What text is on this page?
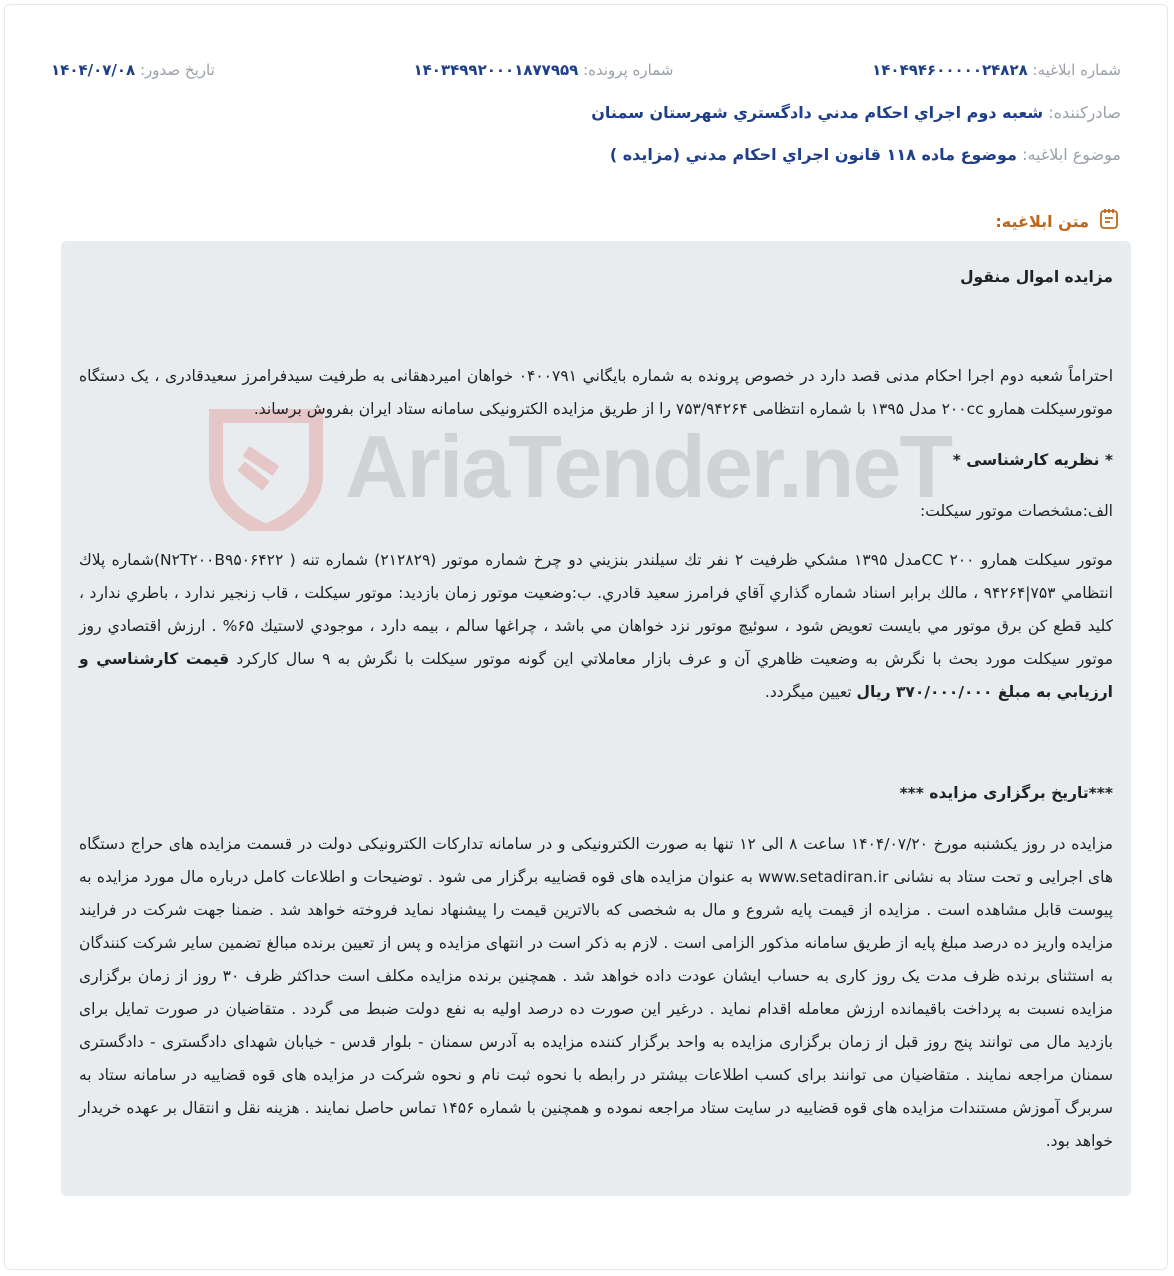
شماره ابلاغیه: ۱۴۰۴۹۴۶۰۰۰۰۰۲۴۸۲۸
شماره پرونده: ۱۴۰۳۴۹۹۲۰۰۰۱۸۷۷۹۵۹
تاریخ صدور: ۱۴۰۴/۰۷/۰۸
صادرکننده: شعبه دوم اجراي احكام مدني دادگستري شهرستان سمنان
موضوع ابلاغیه: موضوع ماده ۱۱۸ قانون اجراي احكام مدني (مزايده )
متن ابلاغیه:
AriaTender.neT

مزایده اموال منقول

احتراماً شعبه دوم اجرا احکام مدنی قصد دارد در خصوص پرونده به شماره بايگاني ۰۴۰۰۷۹۱ خواهان امیردهقانی به طرفیت سیدفرامرز سعیدقادری ، یک دستگاه موتورسیکلت همارو ۲۰۰cc مدل ۱۳۹۵ با شماره انتظامی ۷۵۳/۹۴۲۶۴ را از طریق مزایده الکترونیکی سامانه ستاد ایران بفروش برساند.

* نظریه کارشناسی *

الف:مشخصات موتور سیکلت:

موتور سيكلت همارو ۲۰۰ CCمدل ۱۳۹۵ مشكي ظرفيت ۲ نفر تك سيلندر بنزيني دو چرخ شماره موتور (۲۱۲۸۲۹) شماره تنه ( N۲T۲۰۰B۹۵۰۶۴۲۲)شماره پلاك انتظامي ۷۵۳|۹۴۲۶۴ ، مالك برابر اسناد شماره گذاري آقاي فرامرز سعيد قادري. ب:وضعيت موتور زمان بازديد: موتور سيكلت ، قاب زنجير ندارد ، باطري ندارد ، كليد قطع كن برق موتور مي بايست تعويض شود ، سوئيچ موتور نزد خواهان مي باشد ، چراغها سالم ، بيمه دارد ، موجودي لاستيك ۶۵% . ارزش اقتصادي روز موتور سيكلت مورد بحث با نگرش به وضعيت ظاهري آن و عرف بازار معاملاتي اين گونه موتور سيكلت با نگرش به ۹ سال كاركرد قيمت كارشناسي و ارزيابي به مبلغ ۳۷۰/۰۰۰/۰۰۰ ريال تعيين ميگردد.

***تاریخ برگزاری مزایده ***

مزایده در روز یکشنبه مورخ ۱۴۰۴/۰۷/۲۰ ساعت ۸ الی ۱۲ تنها به صورت الکترونیکی و در سامانه تدارکات الکترونیکی دولت در قسمت مزایده های حراج دستگاه های اجرایی و تحت ستاد به نشانی www.setadiran.ir به عنوان مزایده های قوه قضاییه برگزار می شود . توضیحات و اطلاعات کامل درباره مال مورد مزایده به پیوست قابل مشاهده است . مزایده از قیمت پایه شروع و مال به شخصی که بالاترین قیمت را پیشنهاد نماید فروخته خواهد شد . ضمنا جهت شرکت در فرایند مزایده واریز ده درصد مبلغ پایه از طریق سامانه مذکور الزامی است . لازم به ذکر است در انتهای مزایده و پس از تعیین برنده مبالغ تضمین سایر شرکت کنندگان به استثنای برنده ظرف مدت یک روز کاری به حساب ایشان عودت داده خواهد شد . همچنین برنده مزایده مکلف است حداکثر ظرف ۳۰ روز از زمان برگزاری مزایده نسبت به پرداخت باقیمانده ارزش معامله اقدام نماید . درغیر این صورت ده درصد اولیه به نفع دولت ضبط می گردد . متقاضیان در صورت تمایل برای بازدید مال می توانند پنج روز قبل از زمان برگزاری مزایده به واحد برگزار کننده مزایده به آدرس سمنان - بلوار قدس - خیابان شهدای دادگستری - دادگستری سمنان مراجعه نمایند . متقاضیان می توانند برای کسب اطلاعات بیشتر در رابطه با نحوه ثبت نام و نحوه شرکت در مزایده های قوه قضاییه در سامانه ستاد به سربرگ آموزش مستندات مزایده های قوه قضاییه در سایت ستاد مراجعه نموده و همچنین با شماره ۱۴۵۶ تماس حاصل نمایند . هزینه نقل و انتقال بر عهده خریدار خواهد بود.
